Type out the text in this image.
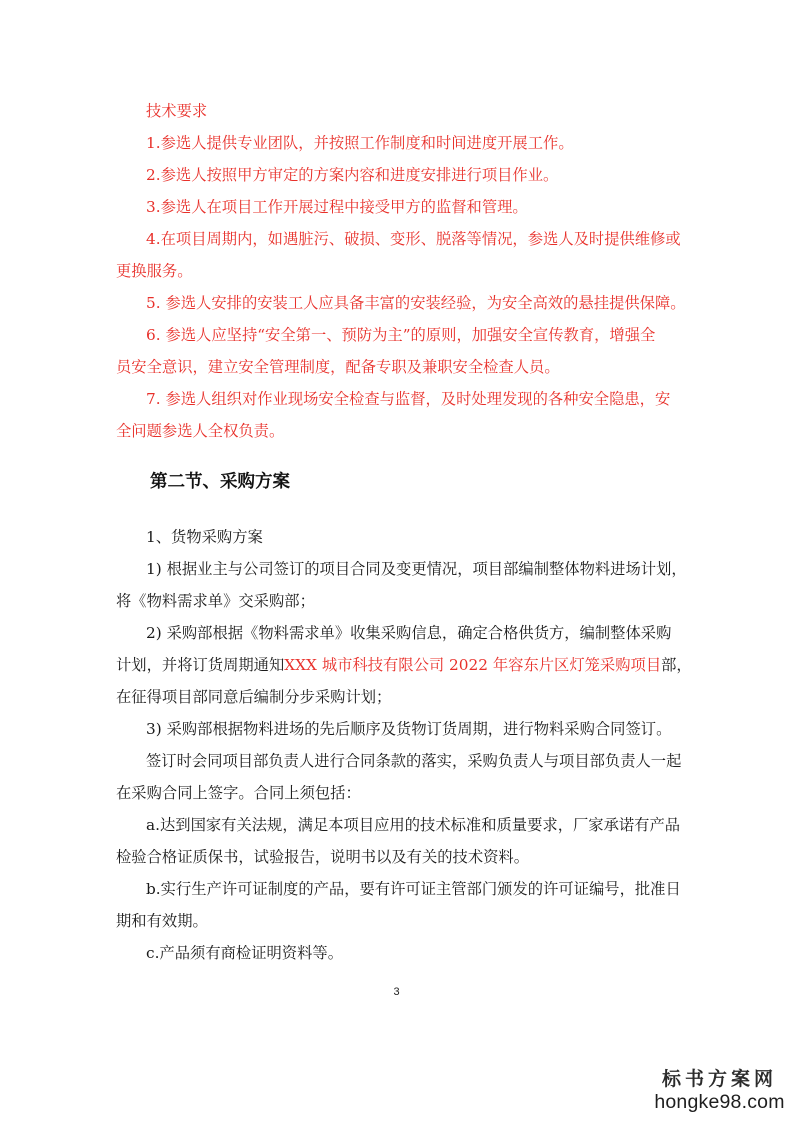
技术要求
1.参选人提供专业团队，并按照工作制度和时间进度开展工作。
2.参选人按照甲方审定的方案内容和进度安排进行项目作业。
3.参选人在项目工作开展过程中接受甲方的监督和管理。
4.在项目周期内，如遇脏污、破损、变形、脱落等情况，参选人及时提供维修或
更换服务。
5. 参选人安排的安装工人应具备丰富的安装经验，为安全高效的悬挂提供保障。
6. 参选人应坚持“安全第一、预防为主”的原则，加强安全宣传教育，增强全
员安全意识，建立安全管理制度，配备专职及兼职安全检查人员。
7. 参选人组织对作业现场安全检查与监督，及时处理发现的各种安全隐患，安
全问题参选人全权负责。
第二节、采购方案
1、货物采购方案
1) 根据业主与公司签订的项目合同及变更情况，项目部编制整体物料进场计划，
将《物料需求单》交采购部；
2) 采购部根据《物料需求单》收集采购信息，确定合格供货方，编制整体采购
计划，并将订货周期通知XXX 城市科技有限公司 2022 年容东片区灯笼采购项目部，
在征得项目部同意后编制分步采购计划；
3) 采购部根据物料进场的先后顺序及货物订货周期，进行物料采购合同签订。
签订时会同项目部负责人进行合同条款的落实，采购负责人与项目部负责人一起
在采购合同上签字。合同上须包括：
a.达到国家有关法规，满足本项目应用的技术标准和质量要求，厂家承诺有产品
检验合格证质保书，试验报告，说明书以及有关的技术资料。
b.实行生产许可证制度的产品，要有许可证主管部门颁发的许可证编号，批准日
期和有效期。
c.产品须有商检证明资料等。
3
标书方案网
hongke98.com
